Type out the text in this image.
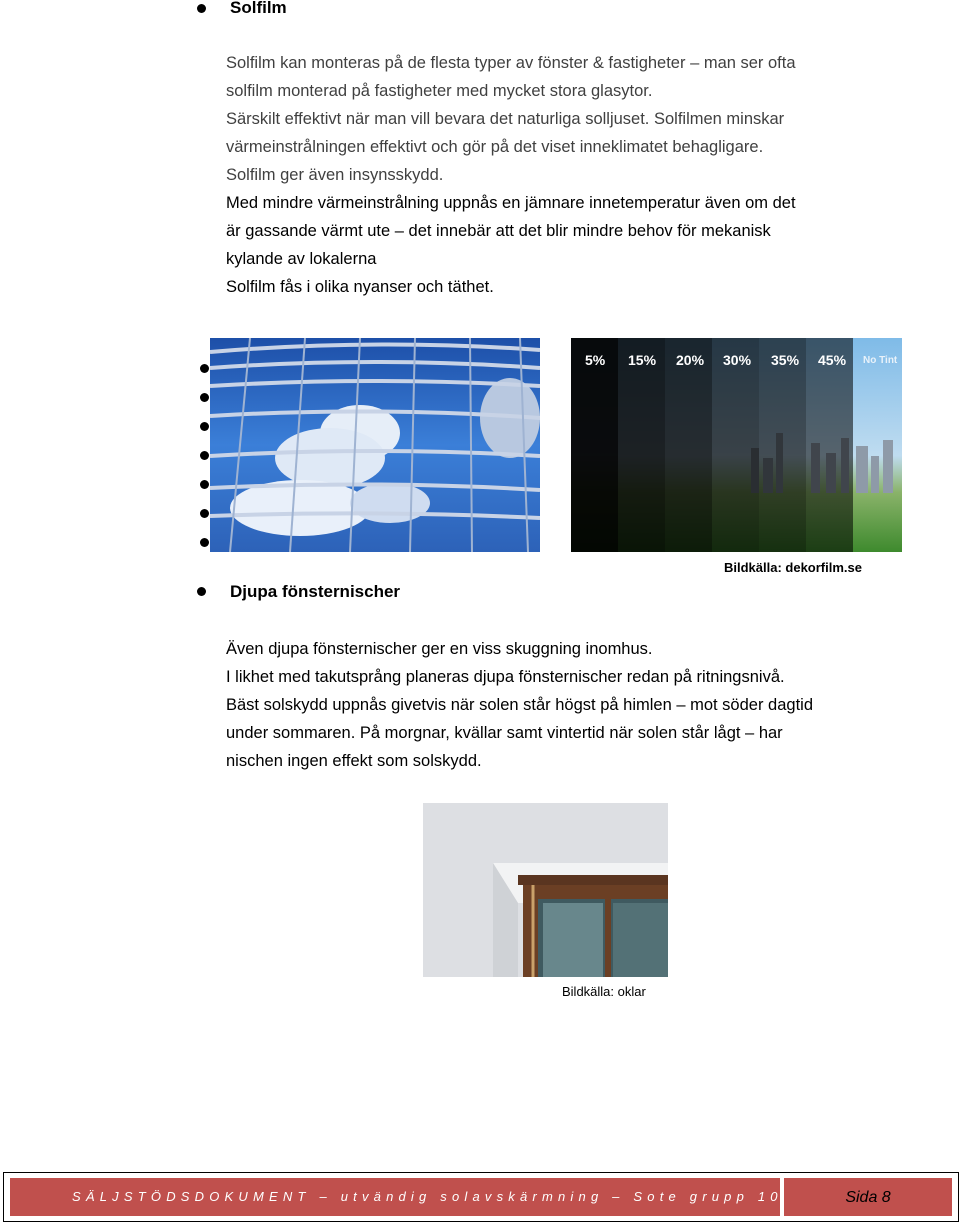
Solfilm
Solfilm kan monteras på de flesta typer av fönster & fastigheter – man ser ofta
solfilm monterad på fastigheter med mycket stora glasytor.
Särskilt effektivt när man vill bevara det naturliga solljuset. Solfilmen minskar
värmeinstrålningen effektivt och gör på det viset inneklimatet behagligare.
Solfilm ger även insynsskydd.
Med mindre värmeinstrålning uppnås en jämnare innetemperatur även om det
är gassande värmt ute – det innebär att det blir mindre behov för mekanisk
kylande av lokalerna
Solfilm fås i olika nyanser och täthet.
5% 15% 20% 30% 35% 45% No Tint
Bildkälla: dekorfilm.se
Djupa fönsternischer
Även djupa fönsternischer ger en viss skuggning inomhus.
I likhet med takutsprång planeras djupa fönsternischer redan på ritningsnivå.
Bäst solskydd uppnås givetvis när solen står högst på himlen – mot söder dagtid
under sommaren. På morgnar, kvällar samt vintertid när solen står lågt – har
nischen ingen effekt som solskydd.
Bildkälla: oklar
SÄLJSTÖDSDOKUMENT – utvändig solavskärmning – Sote grupp 10	Sida 8
